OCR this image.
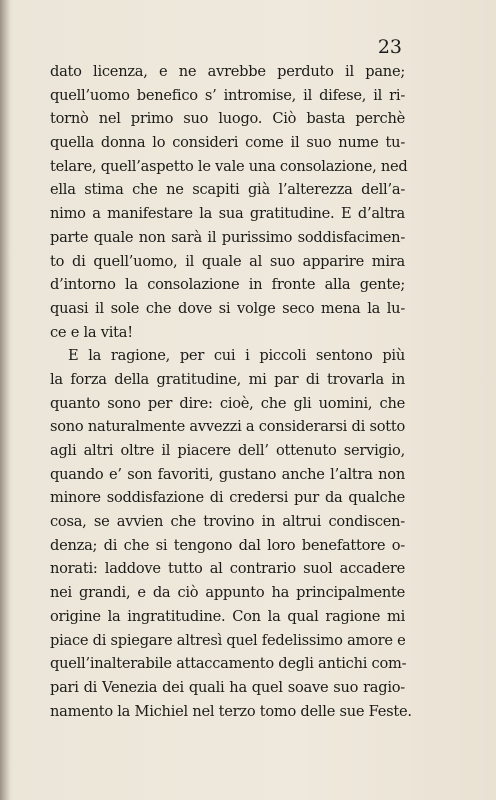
23
dato licenza, e ne avrebbe perduto il pane;
quell’uomo benefico s’ intromise, il difese, il ri-
tornò nel primo suo luogo. Ciò basta perchè
quella donna lo consideri come il suo nume tu-
telare, quell’aspetto le vale una consolazione, ned
ella stima che ne scapiti già l’alterezza dell’a-
nimo a manifestare la sua gratitudine. E d’altra
parte quale non sarà il purissimo soddisfacimen-
to di quell’uomo, il quale al suo apparire mira
d’intorno la consolazione in fronte alla gente;
quasi il sole che dove si volge seco mena la lu-
ce e la vita!
E la ragione, per cui i piccoli sentono più
la forza della gratitudine, mi par di trovarla in
quanto sono per dire: cioè, che gli uomini, che
sono naturalmente avvezzi a considerarsi di sotto
agli altri oltre il piacere dell’ ottenuto servigio,
quando e’ son favoriti, gustano anche l’altra non
minore soddisfazione di credersi pur da qualche
cosa, se avvien che trovino in altrui condiscen-
denza; di che si tengono dal loro benefattore o-
norati: laddove tutto al contrario suol accadere
nei grandi, e da ciò appunto ha principalmente
origine la ingratitudine. Con la qual ragione mi
piace di spiegare altresì quel fedelissimo amore e
quell’inalterabile attaccamento degli antichi com-
pari di Venezia dei quali ha quel soave suo ragio-
namento la Michiel nel terzo tomo delle sue Feste.
